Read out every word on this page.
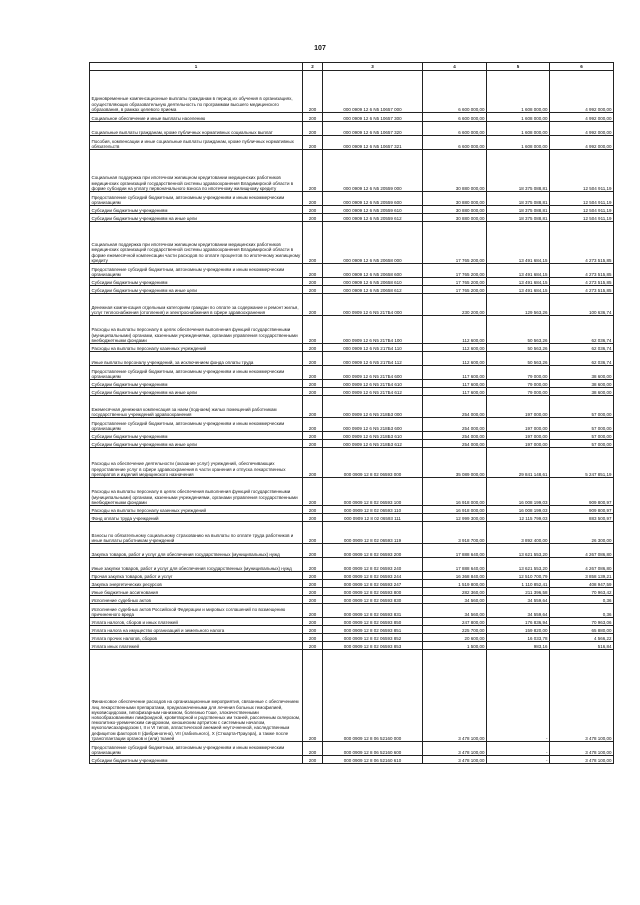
107
1	2	3	4	5	6
Единовременные компенсационные выплаты гражданам в период их обучения в организациях, осуществляющих образовательную деятельность по программам высшего медицинского образования, в рамках целевого приема	200	000 0909 12 6 N5 10657 000	6 600 000,00	1 608 000,00	4 992 000,00
Социальное обеспечение и иные выплаты населению	200	000 0909 12 6 N5 10657 300	6 600 000,00	1 608 000,00	4 992 000,00
Социальные выплаты гражданам, кроме публичных нормативных социальных выплат	200	000 0909 12 6 N5 10657 320	6 600 000,00	1 608 000,00	4 992 000,00
Пособия, компенсации и иные социальные выплаты гражданам, кроме публичных нормативных обязательств	200	000 0909 12 6 N5 10657 321	6 600 000,00	1 608 000,00	4 992 000,00
Социальная поддержка при ипотечном жилищном кредитовании медицинских работников медицинских организаций государственной системы здравоохранения Владимирской области в форме субсидии на уплату первоначального взноса по ипотечному жилищному кредиту	200	000 0909 12 6 N5 20559 000	30 880 000,00	18 375 088,81	12 504 911,19
Предоставление субсидий бюджетным, автономным учреждениям и иным некоммерческим организациям	200	000 0909 12 6 N5 20559 600	30 880 000,00	18 375 088,81	12 504 911,19
Субсидии бюджетным учреждениям	200	000 0909 12 6 N5 20559 610	30 880 000,00	18 375 088,81	12 504 911,19
Субсидии бюджетным учреждениям на иные цели	200	000 0909 12 6 N5 20559 612	30 880 000,00	18 375 088,81	12 504 911,19
Социальная поддержка при ипотечном жилищном кредитовании медицинских работников медицинских организаций государственной системы здравоохранения Владимирской области в форме ежемесячной компенсации части расходов по оплате процентов по ипотечному жилищному кредиту	200	000 0909 12 6 N5 20658 000	17 765 200,00	13 491 684,15	4 273 515,85
Предоставление субсидий бюджетным, автономным учреждениям и иным некоммерческим организациям	200	000 0909 12 6 N5 20658 600	17 765 200,00	13 491 684,15	4 273 515,85
Субсидии бюджетным учреждениям	200	000 0909 12 6 N5 20658 610	17 765 200,00	13 491 684,15	4 273 515,85
Субсидии бюджетным учреждениям на иные цели	200	000 0909 12 6 N5 20658 612	17 765 200,00	13 491 684,15	4 273 515,85
Денежная компенсация отдельным категориям граждан по оплате за содержание и ремонт жилья, услуг теплоснабжения (отопления) и электроснабжения в сфере здравоохранения	200	000 0909 12 6 N5 217Б4 000	230 200,00	129 563,26	100 636,74
Расходы на выплаты персоналу в целях обеспечения выполнения функций государственными (муниципальными) органами, казенными учреждениями, органами управления государственными внебюджетными фондами	200	000 0909 12 6 N5 217Б4 100	112 600,00	50 563,26	62 036,74
Расходы на выплаты персоналу казенных учреждений	200	000 0909 12 6 N5 217Б4 110	112 600,00	50 563,26	62 036,74
Иные выплаты персоналу учреждений, за исключением фонда оплаты труда	200	000 0909 12 6 N5 217Б4 112	112 600,00	50 563,26	62 036,74
Предоставление субсидий бюджетным, автономным учреждениям и иным некоммерческим организациям	200	000 0909 12 6 N5 217Б4 600	117 600,00	79 000,00	38 600,00
Субсидии бюджетным учреждениям	200	000 0909 12 6 N5 217Б4 610	117 600,00	79 000,00	38 600,00
Субсидии бюджетным учреждениям на иные цели	200	000 0909 12 6 N5 217Б4 612	117 600,00	79 000,00	38 600,00
Ежемесячная денежная компенсация за наем (поднаем) жилых помещений работникам государственных учреждений здравоохранения	200	000 0909 12 6 N5 218Б3 000	254 000,00	197 000,00	57 000,00
Предоставление субсидий бюджетным, автономным учреждениям и иным некоммерческим организациям	200	000 0909 12 6 N5 218Б3 600	254 000,00	197 000,00	57 000,00
Субсидии бюджетным учреждениям	200	000 0909 12 6 N5 218Б3 610	254 000,00	197 000,00	57 000,00
Субсидии бюджетным учреждениям на иные цели	200	000 0909 12 6 N5 218Б3 612	254 000,00	197 000,00	57 000,00
Расходы на обеспечение деятельности (оказание услуг) учреждений, обеспечивающих предоставление услуг в сфере здравоохранения в части хранения и отпуска лекарственных препаратов и изделий медицинского назначения	200	000 0909 12 8 02 06593 000	35 089 000,00	29 841 148,61	5 247 851,19
Расходы на выплаты персоналу в целях обеспечения выполнения функций государственными (муниципальными) органами, казенными учреждениями, органами управления государственными внебюджетными фондами	200	000 0909 12 8 02 06593 100	16 918 000,00	16 008 199,03	909 800,97
Расходы на выплаты персоналу казенных учреждений	200	000 0909 12 8 02 06593 110	16 918 000,00	16 008 199,03	909 800,97
Фонд оплаты труда учреждений	200	000 0909 12 8 02 06593 111	12 999 300,00	12 115 799,03	883 500,97
Взносы по обязательному социальному страхованию на выплаты по оплате труда работников и иные выплаты работникам учреждений	200	000 0909 12 8 02 06593 119	3 918 700,00	3 892 400,00	26 300,00
Закупка товаров, работ и услуг для обеспечения государственных (муниципальных) нужд	200	000 0909 12 8 02 06593 200	17 888 640,00	13 621 553,20	4 267 086,80
Иные закупки товаров, работ и услуг для обеспечения государственных (муниципальных) нужд	200	000 0909 12 8 02 06593 240	17 888 640,00	13 621 553,20	4 267 086,80
Прочая закупка товаров, работ и услуг	200	000 0909 12 8 02 06593 244	16 368 840,00	12 510 700,79	3 858 139,21
Закупка энергетических ресурсов	200	000 0909 12 8 02 06593 247	1 519 800,00	1 110 852,41	408 947,59
Иные бюджетные ассигнования	200	000 0909 12 8 02 06593 800	282 360,00	211 396,58	70 963,42
Исполнение судебных актов	200	000 0909 12 8 02 06593 830	34 560,00	34 559,64	0,36
Исполнение судебных актов Российской Федерации и мировых соглашений по возмещению причиненного вреда	200	000 0909 12 8 02 06593 831	34 560,00	34 559,64	0,36
Уплата налогов, сборов и иных платежей	200	000 0909 12 8 02 06593 850	247 800,00	176 836,94	70 963,06
Уплата налога на имущество организаций и земельного налога	200	000 0909 12 8 02 06593 851	225 700,00	159 820,00	65 880,00
Уплата прочих налогов, сборов	200	000 0909 12 8 02 06593 852	20 600,00	16 033,78	4 566,22
Уплата иных платежей	200	000 0909 12 8 02 06593 853	1 500,00	983,16	516,84
Финансовое обеспечение расходов на организационные мероприятия, связанные с обеспечением лиц лекарственными препаратами, предназначенными для лечения больных гемофилией, муковисцидозом, гипофизарным нанизмом, болезнью Гоше, злокачественными новообразованиями лимфоидной, кроветворной и родственных им тканей, рассеянным склерозом, гемолитико-уремическим синдромом, юношеским артритом с системным началом, мукополисахаридозом I, II и VI типов, апластической анемией неуточненной, наследственным дефицитом факторов II (фибриногена), VII (лабильного), X (Стюарта-Прауэра), а также после трансплантации органов и (или) тканей	200	000 0909 12 8 06 52160 000	3 478 100,00	-	3 478 100,00
Предоставление субсидий бюджетным, автономным учреждениям и иным некоммерческим организациям	200	000 0909 12 8 06 52160 600	3 478 100,00	-	3 478 100,00
Субсидии бюджетным учреждениям	200	000 0909 12 8 06 52160 610	3 478 100,00	-	3 478 100,00
